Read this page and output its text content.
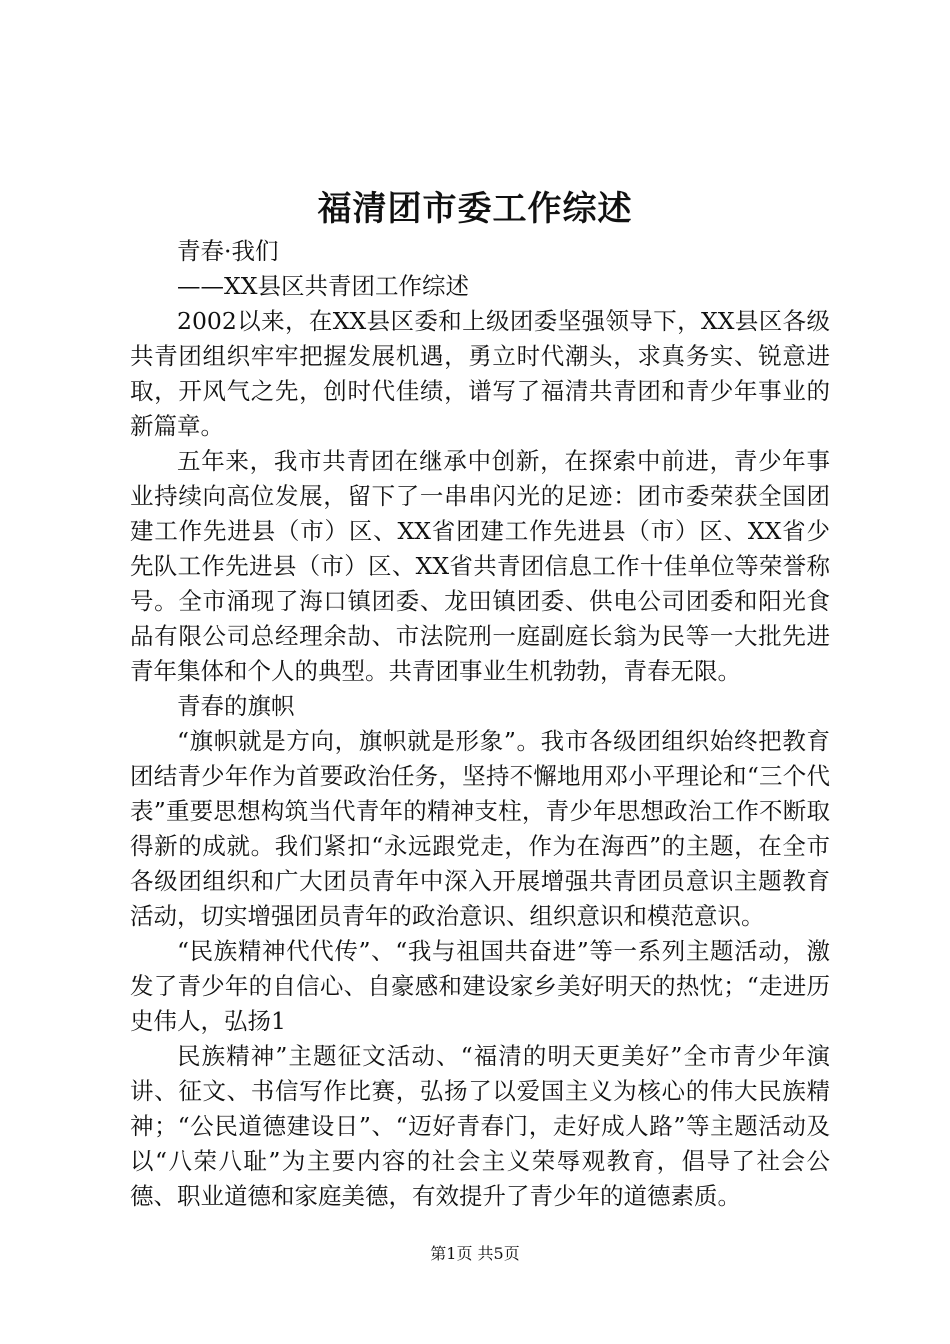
福清团市委工作综述

青春·我们

——XX县区共青团工作综述

2002以来，在XX县区委和上级团委坚强领导下，XX县区各级共青团组织牢牢把握发展机遇，勇立时代潮头，求真务实、锐意进取，开风气之先，创时代佳绩，谱写了福清共青团和青少年事业的新篇章。

五年来，我市共青团在继承中创新，在探索中前进，青少年事业持续向高位发展，留下了一串串闪光的足迹：团市委荣获全国团建工作先进县（市）区、XX省团建工作先进县（市）区、XX省少先队工作先进县（市）区、XX省共青团信息工作十佳单位等荣誉称号。全市涌现了海口镇团委、龙田镇团委、供电公司团委和阳光食品有限公司总经理余劼、市法院刑一庭副庭长翁为民等一大批先进青年集体和个人的典型。共青团事业生机勃勃，青春无限。

青春的旗帜

“旗帜就是方向，旗帜就是形象”。我市各级团组织始终把教育团结青少年作为首要政治任务，坚持不懈地用邓小平理论和“三个代表”重要思想构筑当代青年的精神支柱，青少年思想政治工作不断取得新的成就。我们紧扣“永远跟党走，作为在海西”的主题，在全市各级团组织和广大团员青年中深入开展增强共青团员意识主题教育活动，切实增强团员青年的政治意识、组织意识和模范意识。

“民族精神代代传”、“我与祖国共奋进”等一系列主题活动，激发了青少年的自信心、自豪感和建设家乡美好明天的热忱；“走进历史伟人，弘扬1

民族精神”主题征文活动、“福清的明天更美好”全市青少年演讲、征文、书信写作比赛，弘扬了以爱国主义为核心的伟大民族精神；“公民道德建设日”、“迈好青春门，走好成人路”等主题活动及以“八荣八耻”为主要内容的社会主义荣辱观教育，倡导了社会公德、职业道德和家庭美德，有效提升了青少年的道德素质。

第1页 共5页
